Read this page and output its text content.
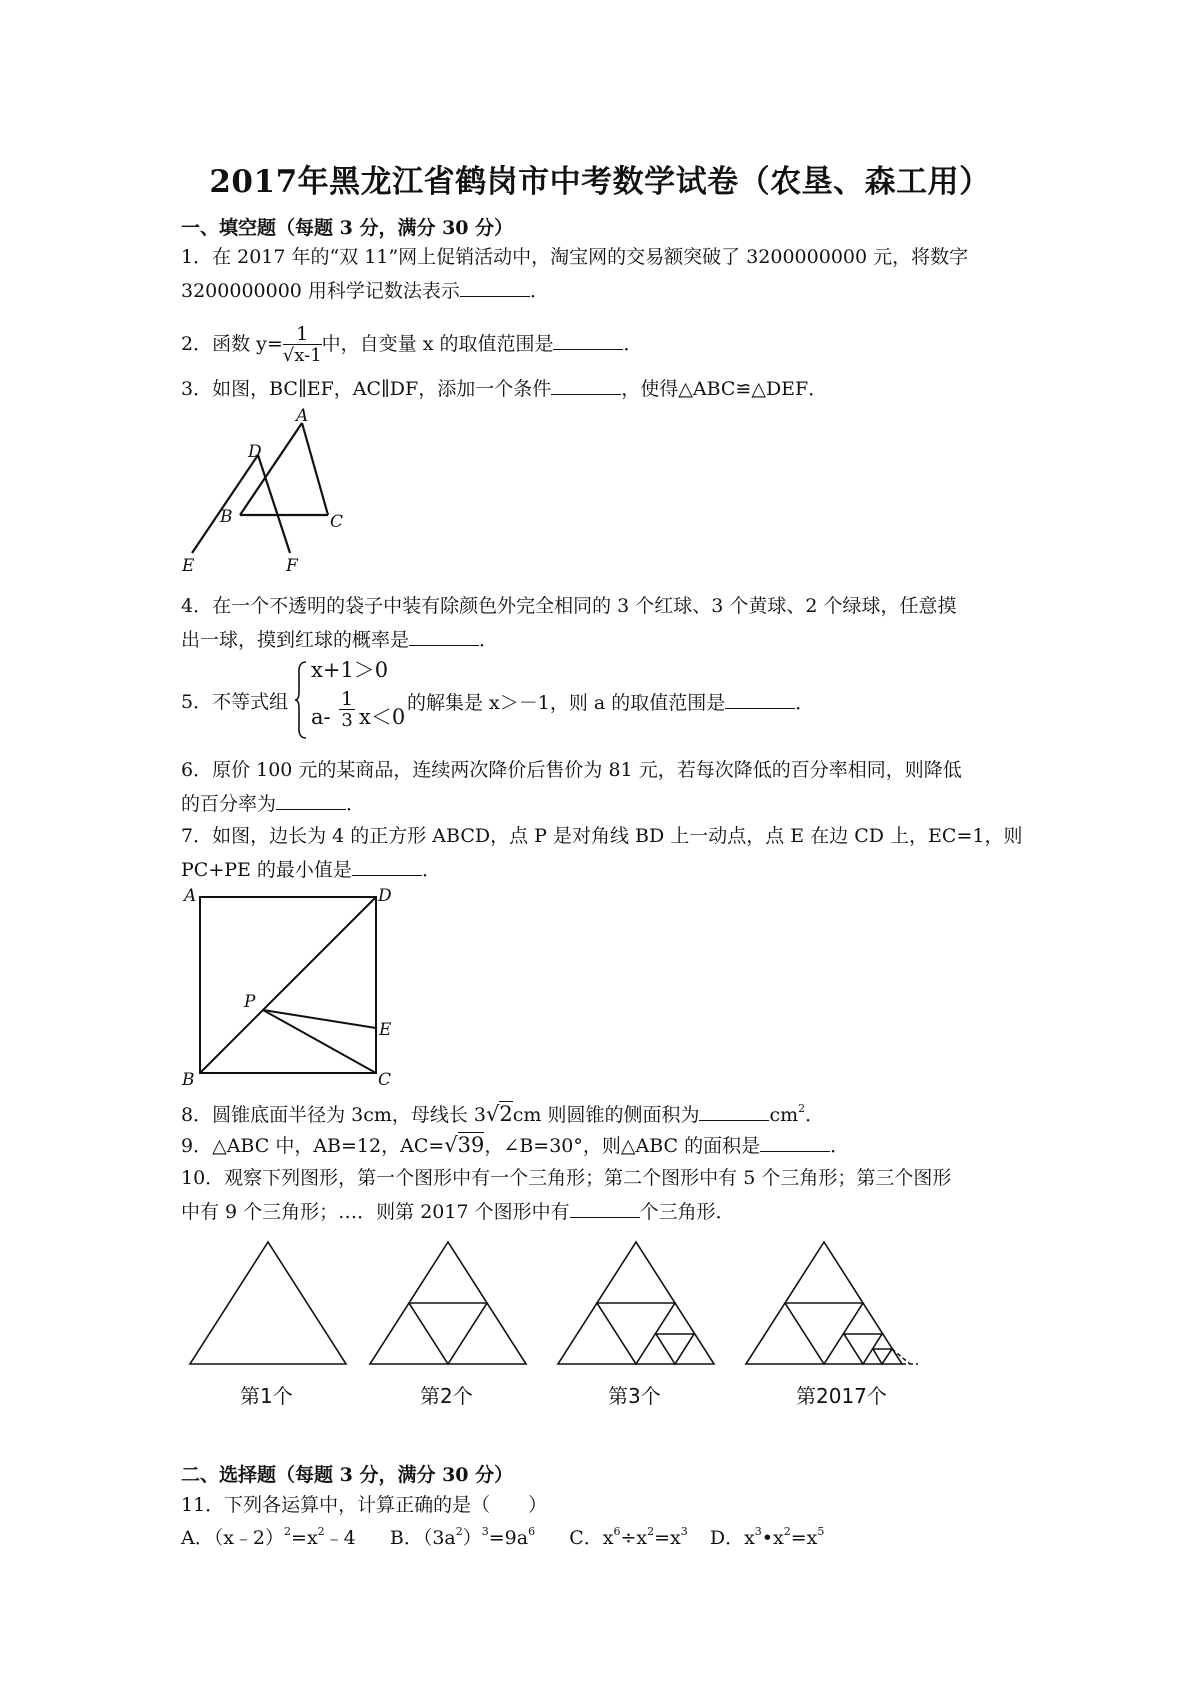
2017年黑龙江省鹤岗市中考数学试卷（农垦、森工用）
一、填空题（每题 3 分，满分 30 分）
1．在 2017 年的“双 11”网上促销活动中，淘宝网的交易额突破了 3200000000 元，将数字
3200000000 用科学记数法表示	．
2．函数 $y= \frac{1}{√x-1}$ 中，自变量 x 的取值范围是	．
3．如图，BC∥EF，AC∥DF，添加一个条件	，使得△ABC≌△DEF．
A
D
B	C
E	F
4．在一个不透明的袋子中装有除颜色外完全相同的 3 个红球、3 个黄球、2 个绿球，任意摸
出一球，摸到红球的概率是	．
5．不等式组
x+1＞0
$a- \frac{1}{3} x<0$
的解集是 x＞－1，则 a 的取值范围是	．
6．原价 100 元的某商品，连续两次降价后售价为 81 元，若每次降低的百分率相同，则降低
的百分率为	．
7．如图，边长为 4 的正方形 ABCD，点 P 是对角线 BD 上一动点，点 E 在边 CD 上，EC=1，则
PC+PE 的最小值是	．
A	D
P
E
B	C
8．圆锥底面半径为 3cm，母线长 3√2cm 则圆锥的侧面积为	$cm^2$．
9．△ABC 中，AB=12，AC=√39，∠B=30°，则△ABC 的面积是	．
10．观察下列图形，第一个图形中有一个三角形；第二个图形中有 5 个三角形；第三个图形
中有 9 个三角形；…．则第 2017 个图形中有	个三角形．
第1个	第2个	第3个	第2017个
二、选择题（每题 3 分，满分 30 分）
11．下列各运算中，计算正确的是（　　）
A．$(x﹣2)^2=x^2﹣4$ B．$(3a^2)^3=9a^6$ C．$x^6\div x^2=x^3$ D．$x^3•x^2=x^5$
